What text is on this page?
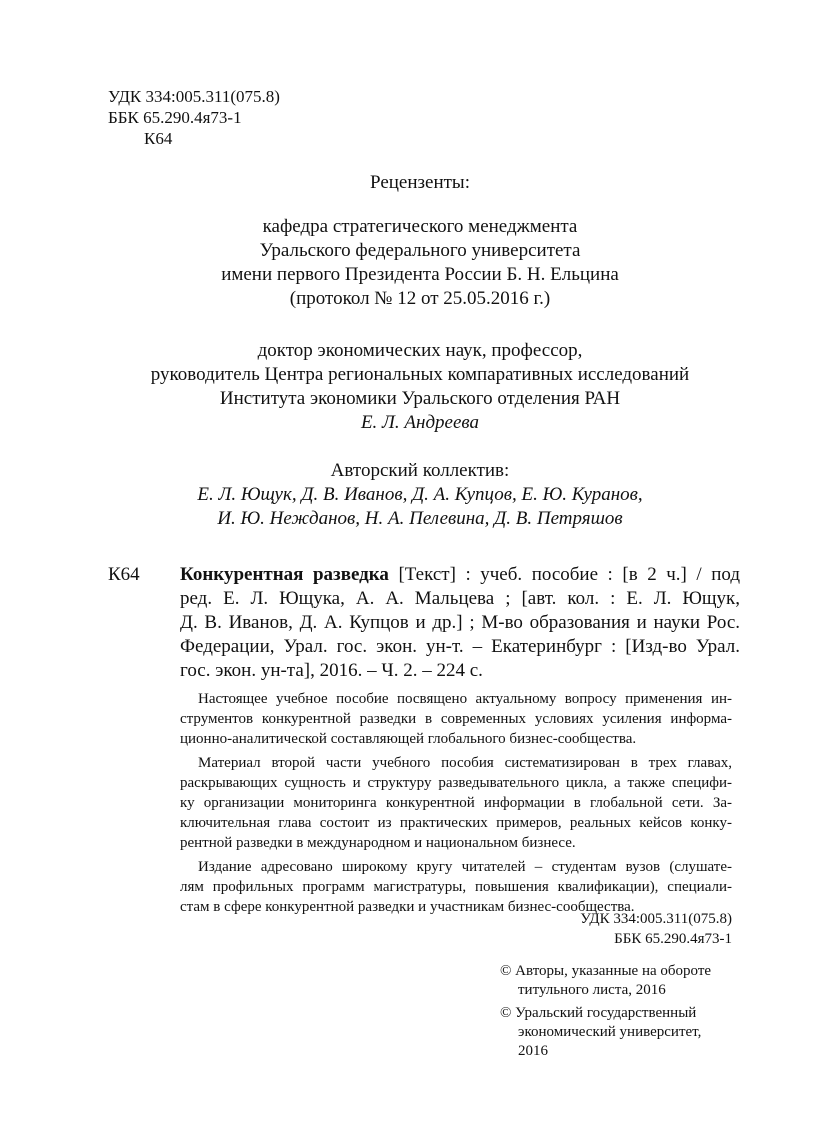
УДК 334:005.311(075.8)
ББК 65.290.4я73-1
К64
Рецензенты:
кафедра стратегического менеджмента
Уральского федерального университета
имени первого Президента России Б. Н. Ельцина
(протокол № 12 от 25.05.2016 г.)
доктор экономических наук, профессор,
руководитель Центра региональных компаративных исследований
Института экономики Уральского отделения РАН
Е. Л. Андреева
Авторский коллектив:
Е. Л. Ющук, Д. В. Иванов, Д. А. Купцов, Е. Ю. Куранов,
И. Ю. Нежданов, Н. А. Пелевина, Д. В. Петряшов
К64 Конкурентная разведка [Текст] : учеб. пособие : [в 2 ч.] / под
ред. Е. Л. Ющука, А. А. Мальцева ; [авт. кол. : Е. Л. Ющук,
Д. В. Иванов, Д. А. Купцов и др.] ; М-во образования и науки Рос.
Федерации, Урал. гос. экон. ун-т. – Екатеринбург : [Изд-во Урал.
гос. экон. ун-та], 2016. – Ч. 2. – 224 с.
Настоящее учебное пособие посвящено актуальному вопросу применения ин-
струментов конкурентной разведки в современных условиях усиления информа-
ционно-аналитической составляющей глобального бизнес-сообщества.
Материал второй части учебного пособия систематизирован в трех главах,
раскрывающих сущность и структуру разведывательного цикла, а также специфи-
ку организации мониторинга конкурентной информации в глобальной сети. За-
ключительная глава состоит из практических примеров, реальных кейсов конку-
рентной разведки в международном и национальном бизнесе.
Издание адресовано широкому кругу читателей – студентам вузов (слушате-
лям профильных программ магистратуры, повышения квалификации), специали-
стам в сфере конкурентной разведки и участникам бизнес-сообщества.
УДК 334:005.311(075.8)
ББК 65.290.4я73-1
© Авторы, указанные на обороте
титульного листа, 2016
© Уральский государственный
экономический университет,
2016
